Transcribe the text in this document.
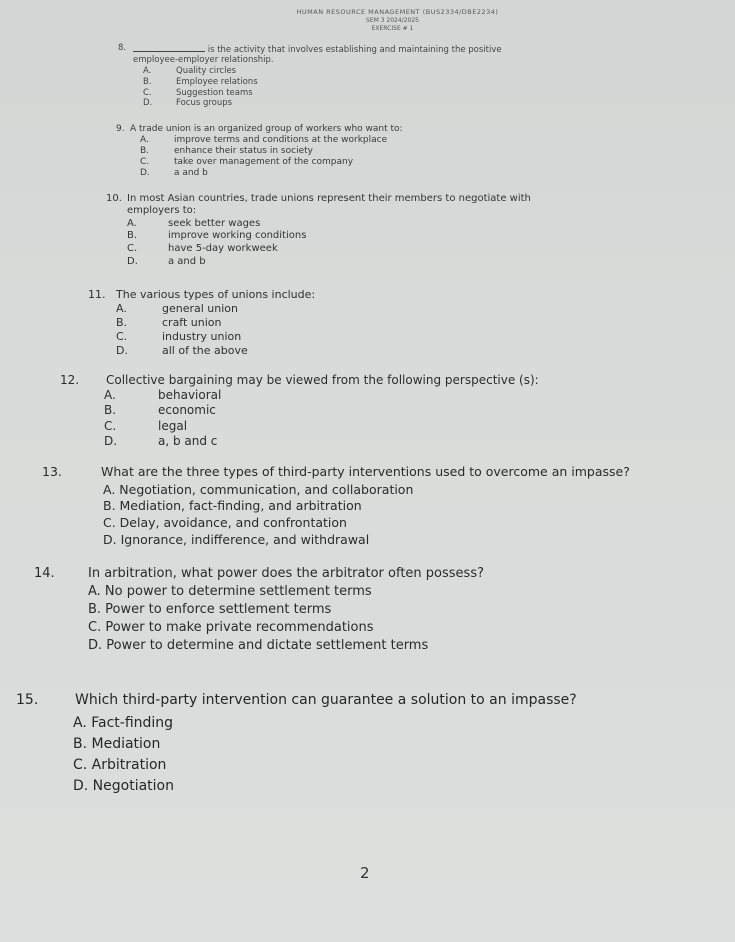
HUMAN RESOURCE MANAGEMENT (BUS2334/DBE2234)
SEM 3 2024/2025
EXERCISE # 1
8.	is the activity that involves establishing and maintaining the positive
employee-employer relationship.
A.	Quality circles
B.	Employee relations
C.	Suggestion teams
D.	Focus groups
9. A trade union is an organized group of workers who want to:
A.	improve terms and conditions at the workplace
B.	enhance their status in society
C.	take over management of the company
D.	a and b
10. In most Asian countries, trade unions represent their members to negotiate with
employers to:
A.	seek better wages
B.	improve working conditions
C.	have 5-day workweek
D.	a and b
11. The various types of unions include:
A.	general union
B.	craft union
C.	industry union
D.	all of the above
12. Collective bargaining may be viewed from the following perspective (s):
A.	behavioral
B.	economic
C.	legal
D.	a, b and c
13.	What are the three types of third-party interventions used to overcome an impasse?
A. Negotiation, communication, and collaboration
B. Mediation, fact-finding, and arbitration
C. Delay, avoidance, and confrontation
D. Ignorance, indifference, and withdrawal
14.	In arbitration, what power does the arbitrator often possess?
A. No power to determine settlement terms
B. Power to enforce settlement terms
C. Power to make private recommendations
D. Power to determine and dictate settlement terms
15.	Which third-party intervention can guarantee a solution to an impasse?
A. Fact-finding
B. Mediation
C. Arbitration
D. Negotiation
2
